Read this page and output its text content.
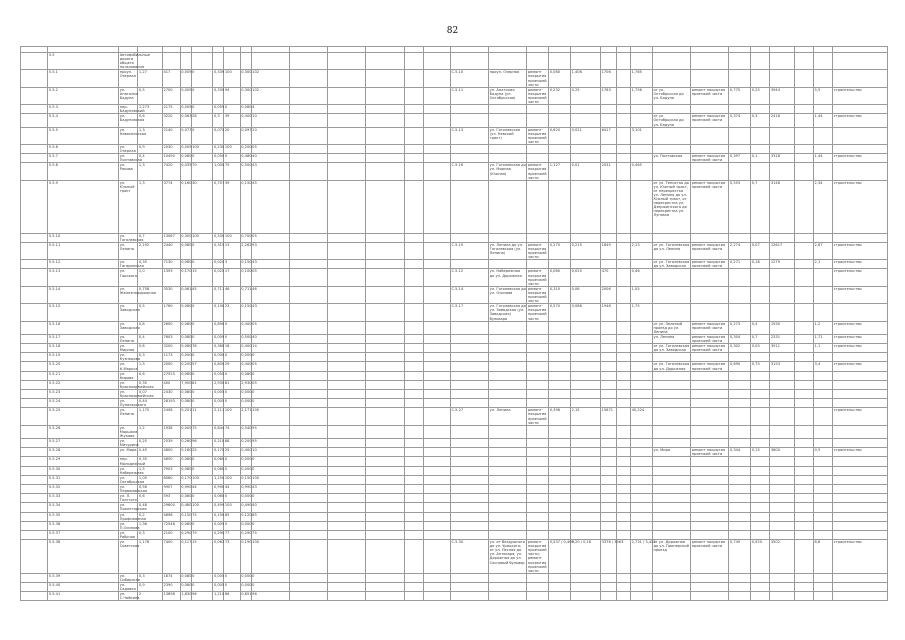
82

	5.5	Автомобильные дороги общего пользования																													
	5.5.1	проул. Озерная	1,27	417	0,009	0	0,339	100	0,300	102						С.5.10	проул. Озерная	ремонт покрытия проезжей части	0,060	1,406	1706		1,765								
	5.5.2	ул. Анатолия Бадуна	0,5	2700	0,009	0	0,339	94	0,300	102						С.5.11	ул. Анатолия Бадуна (ул. Октябрьская)	ремонт покрытия проезжей части	0,232	0,25	1763		1,756	от ул. Октябрьская до ул. Бадуна	ремонт покрытия проезжей части	0,775	0,25	3944		5,5	строительство
	5.5.3	пер. Бадуновский	1,273	2175	0,009	0	0,059	0	0,080	4																					
	5.5.4	ул. Бадуновская	0,6	3220	0,063	28	0,3	39	0,400	10														от ул. Октябрьская до ул. Бадуна	ремонт покрытия проезжей части	0,374	0,3	2416		1,44	строительство
	5.5.5	ул. Новосельская	1,3	2140	0,077	0	0,075	20	0,097	20						С.5.13	ул. Гоголевская (ул. Невский тракт)	ремонт покрытия проезжей части	0,620	0,021	6417		3,101								
	5.5.6	ул. Озерная	0,9	2030	0,009	100	0,230	100	0,200	05																					
	5.5.7	ул. Полтавская	0,4	10490	0,080	0	0,050	0	0,480	40														ул. Полтавская	ремонт покрытия проезжей части	0,397	0,1	3318		1,44	строительство
	5.5.8	ул. Ракова	1,3	7420	0,035	70	1,000	75	0,500	43						С.5.16	ул. Гоголевская до ул. Мирная (Южная)	ремонт покрытия проезжей части	1,127	0,01	2031		0,465								
	5.5.9	ул. Южный тракт	1,3	3774	0,160	30	0,707	39	0,150	45														от ул. Тенистая до ул. Южный тракт, от перекрестка ул. Ленина до ул. Южный тракт, от перекрестка ул. Дзержинского до перекрестка ул. Луговая	ремонт покрытия проезжей части	0,553	0,7	3148		2,34	строительство
	5.5.10	ул. Гоголевская	0,7	13087	0,300	100	0,330	100	0,700	05																					
	5.5.11	ул. Ленина	2,192	2440	0,080	0	0,315	13	2,262	93						С.5.19	ул. Ленина до ул. Гоголевская (ул. Ленина)	ремонт покрытия проезжей части	0,270	0,215	1649		2,13	от ул. Гоголевская до ул. Ленина	ремонт покрытия проезжей части	2,274	0,07	12617		2,87	строительство
	5.5.12	ул. Гагаринская	0,35	7130	0,080	0	0,020	3	0,150	43														от ул. Гоголевская до ул. Заводская	ремонт покрытия проезжей части	0,271	0,16	1279		2,1	строительство
	5.5.13	ул. Горького	1,0	1393	0,170	15	0,025	17	0,100	05						С.5.12	ул. Набережная до ул. Дорожная	ремонт покрытия проезжей части	0,060	0,025	470		0,46								строительство
	5.5.14	ул. Железнодорожная	0,758	3530	0,061	45	0,711	46	0,711	46						С.5.14	ул. Гоголевская до ул. Осипова	ремонт покрытия проезжей части	0,310	0,06	2006		1,05								строительство
	5.5.15	ул. Заводская	0,5	1760	0,080	0	0,190	23	0,150	43						С.5.17	ул. Гоголевская до ул. Заводская (ул. Заводская) бульвара	ремонт покрытия проезжей части	0,570	0,086	1948		1,75								
	5.5.16	ул. Заводская	0,8	2600	0,080	0	0,890	0	0,400	05														от ул. Зеленый проезд до ул. Ленина	ремонт покрытия проезжей части	0,273	0,4	1930		1,2	строительство
	5.5.17	ул. Ленина	0,4	7603	0,080	0	0,009	0	0,500	40														ул. Ленина	ремонт покрытия проезжей части	0,304	0,7	2331		1,71	строительство
	5.5.18	ул. Мирная	0,6	3200	0,080	78	0,380	18	0,400	14														от ул. Гоголевская до ул. Заводская	ремонт покрытия проезжей части	0,302	0,05	3911		1,1	строительство
	5.5.19	ул. Кузнецова	0,3	1173	0,000	0	0,000	0	0,000	0																					
	5.5.20	ул. К.Маркса	1,3	2000	0,200	57	0,800	29	0,400	05														от ул. Гоголевская до ул. Дорожная	ремонт покрытия проезжей части	0,690	0,75	3153		3,4	строительство
	5.5.21	ул. Кирова	0,6	27525	0,080	0	0,050	0	0,080	0																					
	5.5.22	ул. Красноармейская	0,35	400	7,900	81	2,930	81	2,930	05																					
	5.5.23	ул. Красноармейская	0,07	2430	0,080	0	0,005	0	0,000	0																					
	5.5.24	ул. Луначарского	0,44	28193	0,080	0	0,005	0	0,000	0																					
	5.5.25	ул. Ленина	1,175	2408	0,201	11	2,111	100	2,171	100						С.5.27	ул. Ленина	ремонт покрытия проезжей части	0,396	2,15	15671		40,224								строительство
	5.5.26	ул. Маршала Жукова	1,2	1938	0,000	75	0,844	74	0,540	95																					
	5.5.27	ул. Мичурина	0,25	2539	0,260	96	0,210	88	0,200	95																					
	5.5.28	ул. Мира	0,45	4800	0,180	25	0,170	25	0,400	10														ул. Мира	ремонт покрытия проезжей части	0,344	0,15	3600		0,5	строительство
	5.5.29	пер. Молодежный	0,35	4650	0,080	0	0,060	0	0,000	0																					
	5.5.30	ул. Набережная	1,5	7903	0,080	0	0,060	0	0,000	0																					
	5.5.31	ул. Октябрьская	1,05	8060	0,170	100	1,150	100	0,150	100																					
	5.5.32	ул. Первомайская	0,56	9907	0,990	44	0,990	44	0,990	43																					
	5.5.33	ул. Л. Толстого	0,6	593	0,080	0	0,060	0	0,000	0																					
	5.5.34	ул. Пролетарская	0,48	29600	0,480	100	0,499	100	0,490	40																					
	5.5.35	ул. Профсоюзная	0,2	4698	0,150	75	0,150	85	0,120	85																					
	5.5.36	ул. П.Осипова	1,36	72548	0,080	0	0,005	0	0,000	0																					
	5.5.37	ул. Рабочая	0,3	2100	0,290	79	0,290	77	0,290	75																					
	5.5.38	ул. Советская	1,178	7400	0,117	15	0,062	73	0,190	100						С.5.30	ул. от Воздушного до ул. Урицкого; от ул. Лесная до ул. Аптекаря; ул. Дорожная до ул. Сосновый бульвар	ремонт покрытия проезжей части; ремонт покрытия проезжей части	0,537 / 0,409	0,20 / 0,16	3376 / 3563		2,731 / 3,422	от ул. Дорожная до ул. Пионерский проезд	ремонт покрытия проезжей части	0,749	0,920	3502		8,8	строительство
	5.5.39	ул. Сибирская	0,3	1874	0,080	0	0,005	0	0,000	0																					
	5.5.40	ул. Садовая	0,9	2390	0,080	0	0,005	0	0,000	0																					
	5.5.41	ул. С.Чайкина	2	13898	1,830	96	1,210	86	0,851	96																					
